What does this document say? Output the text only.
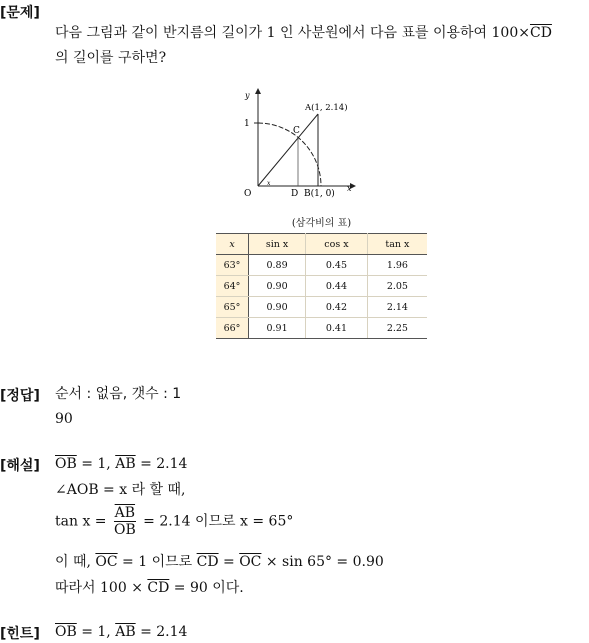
[문제]
다음 그림과 같이 반지름의 길이가 1 인 사분원에서 다음 표를 이용하여 $100\times\overline{CD}$
의 길이를 구하면?
y
x
1
O
A(1, 2.14)
C
D B(1, 0)
x
(삼각비의 표)
x	sin x	cos x	tan x
63°	0.89	0.45	1.96
64°	0.90	0.44	2.05
65°	0.90	0.42	2.14
66°	0.91	0.41	2.25
[정답] 순서 : 없음, 갯수 : 1
90
[해설] $\overline{OB} = 1$, $\overline{AB} = 2.14$
∠AOB = x 라 할 때,
$\tan x = \frac{\overline{AB}}{OB} = 2.14$ 이므로 x = 65°
이 때, $\overline{OC} = 1$ 이므로 $\overline{CD} = \overline{OC} \times \sin 65^\circ = 0.90$
따라서 $100 \times \overline{CD} = 90$ 이다.
[힌트] $\overline{OB} = 1$, $\overline{AB} = 2.14$
